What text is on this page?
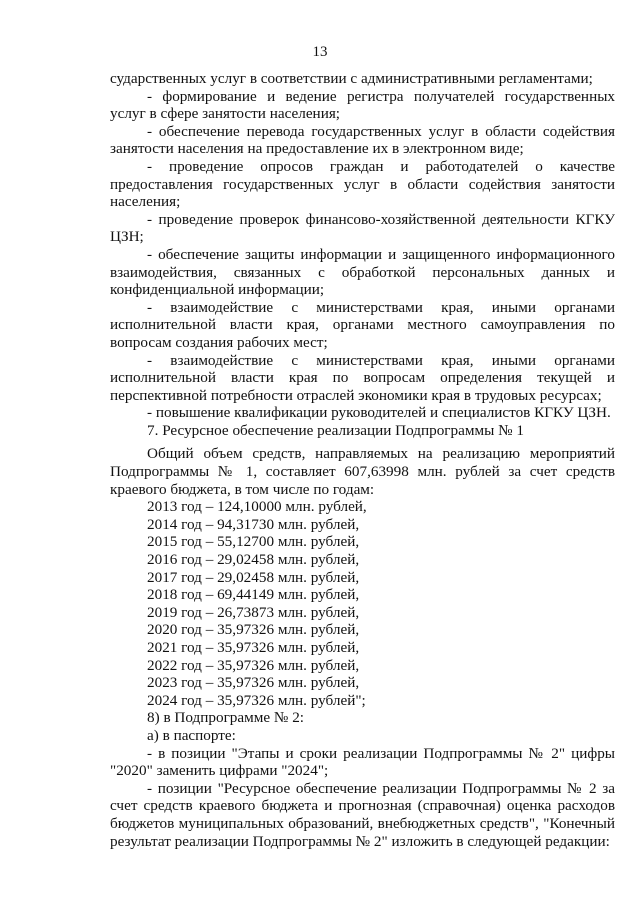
13

сударственных услуг в соответствии с административными регламентами;

- формирование и ведение регистра получателей государственных услуг в сфере занятости населения;

- обеспечение перевода государственных услуг в области содействия занятости населения на предоставление их в электронном виде;

- проведение опросов граждан и работодателей о качестве предоставления государственных услуг в области содействия занятости населения;

- проведение проверок финансово-хозяйственной деятельности КГКУ ЦЗН;

- обеспечение защиты информации и защищенного информационного взаимодействия, связанных с обработкой персональных данных и конфиденциальной информации;

- взаимодействие с министерствами края, иными органами исполнительной власти края, органами местного самоуправления по вопросам создания рабочих мест;

- взаимодействие с министерствами края, иными органами исполнительной власти края по вопросам определения текущей и перспективной потребности отраслей экономики края в трудовых ресурсах;

- повышение квалификации руководителей и специалистов КГКУ ЦЗН.

7. Ресурсное обеспечение реализации Подпрограммы № 1

Общий объем средств, направляемых на реализацию мероприятий Подпрограммы № 1, составляет 607,63998 млн. рублей за счет средств краевого бюджета, в том числе по годам:

2013 год – 124,10000 млн. рублей,
2014 год – 94,31730 млн. рублей,
2015 год – 55,12700 млн. рублей,
2016 год – 29,02458 млн. рублей,
2017 год – 29,02458 млн. рублей,
2018 год – 69,44149 млн. рублей,
2019 год – 26,73873 млн. рублей,
2020 год – 35,97326 млн. рублей,
2021 год – 35,97326 млн. рублей,
2022 год – 35,97326 млн. рублей,
2023 год – 35,97326 млн. рублей,
2024 год – 35,97326 млн. рублей";

8) в Подпрограмме № 2:

а) в паспорте:

- в позиции "Этапы и сроки реализации Подпрограммы № 2" цифры "2020" заменить цифрами "2024";

- позиции "Ресурсное обеспечение реализации Подпрограммы № 2 за счет средств краевого бюджета и прогнозная (справочная) оценка расходов бюджетов муниципальных образований, внебюджетных средств", "Конечный результат реализации Подпрограммы № 2" изложить в следующей редакции:
